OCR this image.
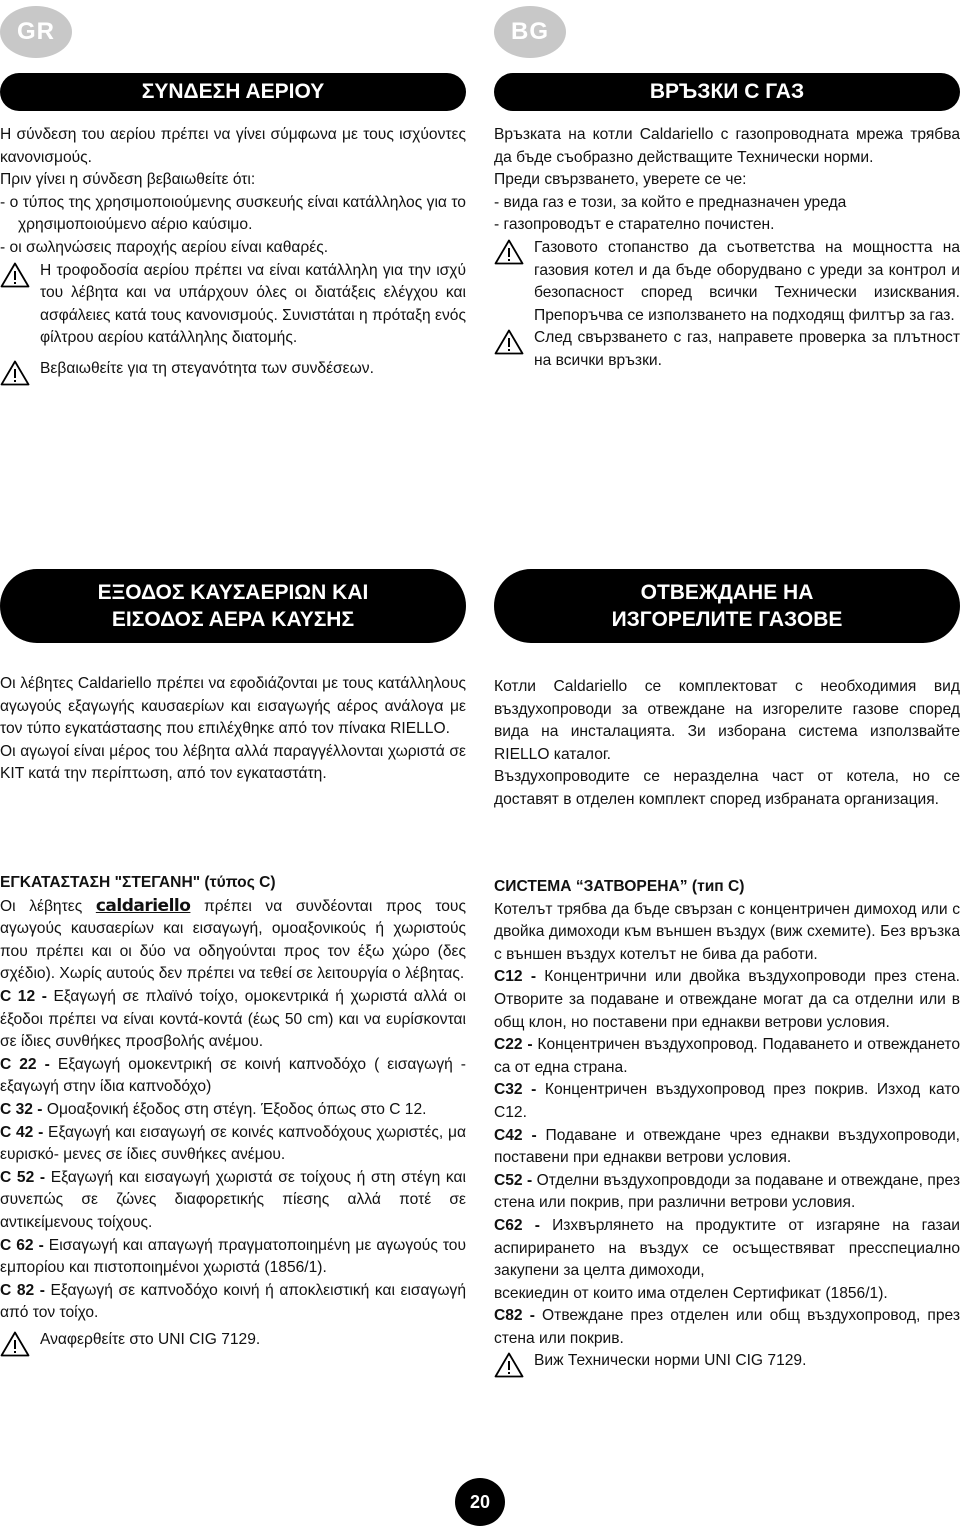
GR	BG
ΣΥΝΔΕΣΗ ΑΕΡΙΟΥ	ВРЪЗКИ С ГАЗ

Η σύνδεση του αερίου πρέπει να γίνει σύμφωνα με τους ισχύοντες κανονισμούς.

Πριν γίνει η σύνδεση βεβαιωθείτε ότι:

- ο τύπος της χρησιμοποιούμενης συσκευής είναι κατάλληλος για το χρησιμοποιούμενο αέριο καύσιμο.

- οι σωληνώσεις παροχής αερίου είναι καθαρές.

Η τροφοδοσία αερίου πρέπει να είναι κατάλληλη για την ισχύ του λέβητα και να υπάρχουν όλες οι διατάξεις ελέγχου και ασφάλειες κατά τους κανονισμούς. Συνιστάται η πρόταξη ενός φίλτρου αερίου κατάλληλης διατομής.

Βεβαιωθείτε για τη στεγανότητα των συνδέσεων.

Връзката на котли Caldariello с газопроводната мрежа трябва да бъде съобразно действащите Технически норми.

Преди свързването, уверете се че:

- вида газ е този, за който е предназначен уреда

- газопроводът е старателно почистен.

Газовото стопанство да съответства на мощността на газовия котел и да бъде оборудвано с уреди за контрол и безопасност според всички Технически изисквания. Препоръчва се използването на подходящ филтър за газ.

След свързването с газ, направете проверка за плътност на всички връзки.

ΕΞΟΔΟΣ ΚΑΥΣΑΕΡΙΩΝ ΚΑΙ
ΕΙΣΟΔΟΣ ΑΕΡΑ ΚΑΥΣΗΣ
ОТВЕЖДАНЕ НА
ИЗГОРЕЛИТЕ ГАЗОВЕ

Οι λέβητες Caldariello πρέπει να εφοδιάζονται με τους κατάλληλους αγωγούς εξαγωγής καυσαερίων και εισαγωγής αέρος ανάλογα με τον τύπο εγκατάστασης που επιλέχθηκε από τον πίνακα RIELLO.

Οι αγωγοί είναι μέρος του λέβητα αλλά παραγγέλλονται χωριστά σε KIT κατά την περίπτωση, από τον εγκαταστάτη.

Котли Caldariello се комплектоват с необходимия вид въздухопроводи за отвеждане на изгорелите газове според вида на инсталацията. Зи изборана система използвайте RIELLO каталог.

Въздухопроводите се неразделна част от котела, но се доставят в отделен комплект според избраната организация.

ΕΓΚΑΤΑΣΤΑΣΗ "ΣΤΕΓΑΝΗ" (τύπος C)

Οι λέβητες caldariello πρέπει να συνδέονται προς τους αγωγούς καυσαερίων και εισαγωγή, ομοαξονικούς ή χωριστούς που πρέπει και οι δύο να οδηγούνται προς τον έξω χώρο (δες σχέδιο). Χωρίς αυτούς δεν πρέπει να τεθεί σε λειτουργία ο λέβητας.

C 12 - Εξαγωγή σε πλαϊνό τοίχο, ομοκεντρικά ή χωριστά αλλά οι έξοδοι πρέπει να είναι κοντά-κοντά (έως 50 cm) και να ευρίσκονται σε ίδιες συνθήκες προσβολής ανέμου.

C 22 - Εξαγωγή ομοκεντρική σε κοινή καπνοδόχο ( εισαγωγή - εξαγωγή στην ίδια καπνοδόχο)

C 32 - Ομοαξονική έξοδος στη στέγη. Έξοδος όπως στο C 12.

C 42 - Εξαγωγή και εισαγωγή σε κοινές καπνοδόχους χωριστές, μα ευρισκό- μενες σε ίδιες συνθήκες ανέμου.

C 52 - Εξαγωγή και εισαγωγή χωριστά σε τοίχους ή στη στέγη και συνεπώς σε ζώνες διαφορετικής πίεσης αλλά ποτέ σε αντικείμενους τοίχους.

C 62 - Εισαγωγή και απαγωγή πραγματοποιημένη με αγωγούς του εμπορίου και πιστοποιημένοι χωριστά (1856/1).

C 82 - Εξαγωγή σε καπνοδόχο κοινή ή αποκλειστική και εισαγωγή από τον τοίχο.

Αναφερθείτε στο UNI CIG 7129.

СИСТЕМА “ЗАТВОРЕНА” (тип С)

Котелът трябва да бъде свързан с концентричен димоход или с двойка димоходи към външен въздух (виж схемите). Без връзка с външен въздух котелът не бива да работи.

C12 - Концентрични или двойка въздухопроводи през стена. Отворите за подаване и отвеждане могат да са отделни или в общ клон, но поставени при еднакви ветрови условия.

C22 - Концентричен въздухопровод. Подаването и отвеждането са от една страна.

C32 - Концентричен въздухопровод през покрив. Изход като C12.

C42 - Подаване и отвеждане чрез еднакви въздухопроводи, поставени при еднакви ветрови условия.

C52 - Отделни въздухопровдоди за подаване и отвеждане, през стена или покрив, при различни ветрови условия.

C62 - Изхвърлянето на продуктите от изгаряне на газаи аспирирането на въздух се осъществяват пресспециално закупени за целта димоходи,

всекиедин от които има отделен Сертификат (1856/1).

C82 - Отвеждане през отделен или общ въздухопровод, през стена или покрив.

Виж Технически норми UNI CIG 7129.

20
